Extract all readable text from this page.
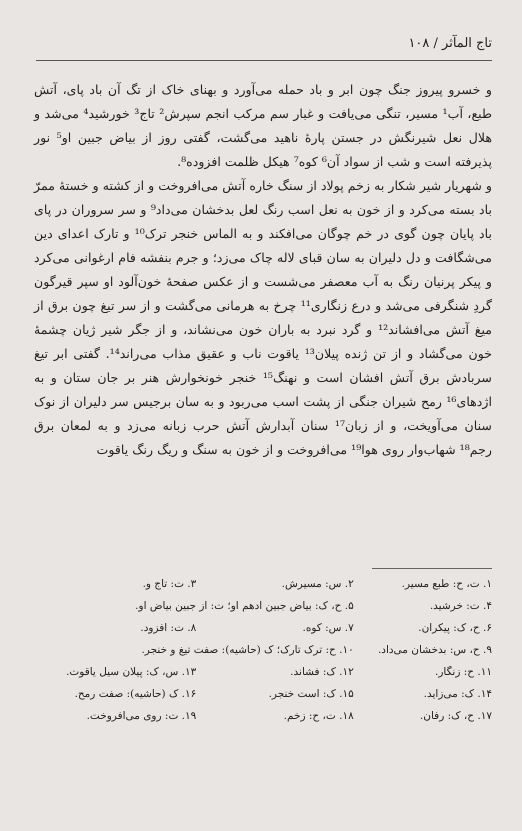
تاج المآثر / ۱۰۸

و خسرو پیروز جنگ چون ابر و باد حمله می‌آورد و بهنای خاک از تگ آن باد پای، آتش طبع، آب¹ مسیر، تنگی می‌یافت و غبار سم مرکب انجم سپرش² تاج³ خورشید⁴ می‌شد و هلال نعل شیرنگش در جستن پارهٔ ناهید می‌گشت، گفتی روز از بیاض جبین او⁵ نور پذیرفته است و شب از سواد آن⁶ کوه⁷ هیکل ظلمت افزوده⁸.

و شهریار شیر شکار به زخم پولاد از سنگ خاره آتش می‌افروخت و از کشته و خستهٔ ممرّ باد بسته می‌کرد و از خون به نعل اسب رنگ لعل بدخشان می‌داد⁹ و سر سروران در پای باد پایان چون گوی در خم چوگان می‌افکند و به الماس خنجر ترک¹⁰ و تارک اعدای دین می‌شگافت و دل دلیران به سان قبای لاله چاک می‌زد؛ و جرم بنفشه فام ارغوانی می‌کرد و پیکر پرنیان رنگ به آب معصفر می‌شست و از عکس صفحهٔ خون‌آلود او سپر قیرگون گردِ شنگرفی می‌شد و درع زنگاری¹¹ چرخ به هرمانی می‌گشت و از سر تیغ چون برق از میغ آتش می‌افشاند¹² و گرد نبرد به باران خون می‌نشاند، و از جگر شیر ژیان چشمهٔ خون می‌گشاد و از تن ژنده پیلان¹³ یاقوت ناب و عقیق مذاب می‌راند¹⁴. گفتی ابر تیغ سربادش برق آتش افشان است و نهنگ¹⁵ خنجر خونخوارش هنر بر جان ستان و به اژدهای¹⁶ رمح شیران جنگی از پشت اسب می‌ربود و به سان برجیس سر دلیران از نوک سنان می‌آویخت، و از زبان¹⁷ سنان آبدارش آتش حرب زبانه می‌زد و به لمعان برق رجم¹⁸ شهاب‌وار روی هوا¹⁹ می‌افروخت و از خون به سنگ و ریگ رنگ یاقوت

۱. ت، ح: طبع مسیر.
۲. س: مسیرش.
۳. ت: تاج و.
۴. ت: خرشید.
۵. ح، ک: بیاض جبین ادهم او؛ ت: از جبین بیاض او.
۶. ح، ک: پیکران.
۷. س: کوه.
۸. ت: افزود.
۹. ح، س: بدخشان می‌داد.
۱۰. ح: ترک تارک؛ ک (حاشیه): صفت تیغ و خنجر.
۱۱. ح: زنگار.
۱۲. ک: فشاند.
۱۳. س، ک: پیلان سیل یاقوت.
۱۴. ک: می‌زاید.
۱۵. ک: است خنجر.
۱۶. ک (حاشیه): صفت رمح.
۱۷. ح، ک: رفان.
۱۸. ت، ح: زخم.
۱۹. ت: روی می‌افروخت.
